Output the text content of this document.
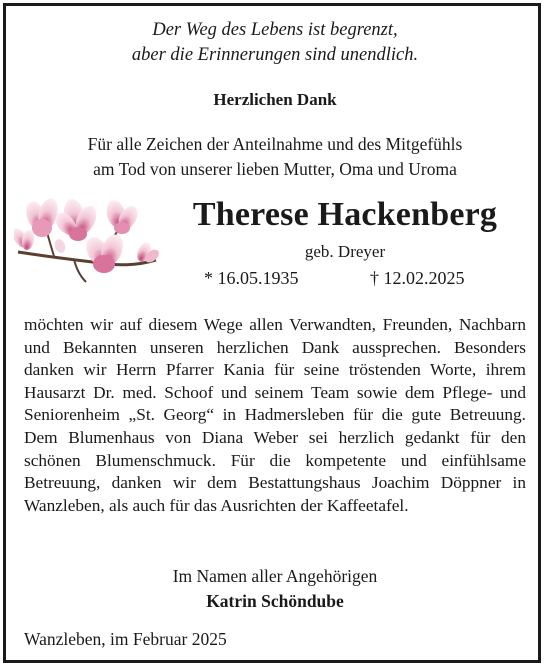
Der Weg des Lebens ist begrenzt,
aber die Erinnerungen sind unendlich.
Herzlichen Dank
Für alle Zeichen der Anteilnahme und des Mitgefühls
am Tod von unserer lieben Mutter, Oma und Uroma
Therese Hackenberg
geb. Dreyer
* 16.05.1935	† 12.02.2025
möchten wir auf diesem Wege allen Verwandten, Freunden, Nachbarn und Bekannten unseren herzlichen Dank aussprechen. Besonders danken wir Herrn Pfarrer Kania für seine tröstenden Worte, ihrem Hausarzt Dr. med. Schoof und seinem Team sowie dem Pflege- und Seniorenheim „St. Georg“ in Hadmersleben für die gute Betreuung. Dem Blumenhaus von Diana Weber sei herzlich gedankt für den schönen Blumenschmuck. Für die kompetente und einfühlsame Betreuung, danken wir dem Bestattungshaus Joachim Döppner in Wanzleben, als auch für das Ausrichten der Kaffeetafel.
Im Namen aller Angehörigen
Katrin Schöndube
Wanzleben, im Februar 2025
